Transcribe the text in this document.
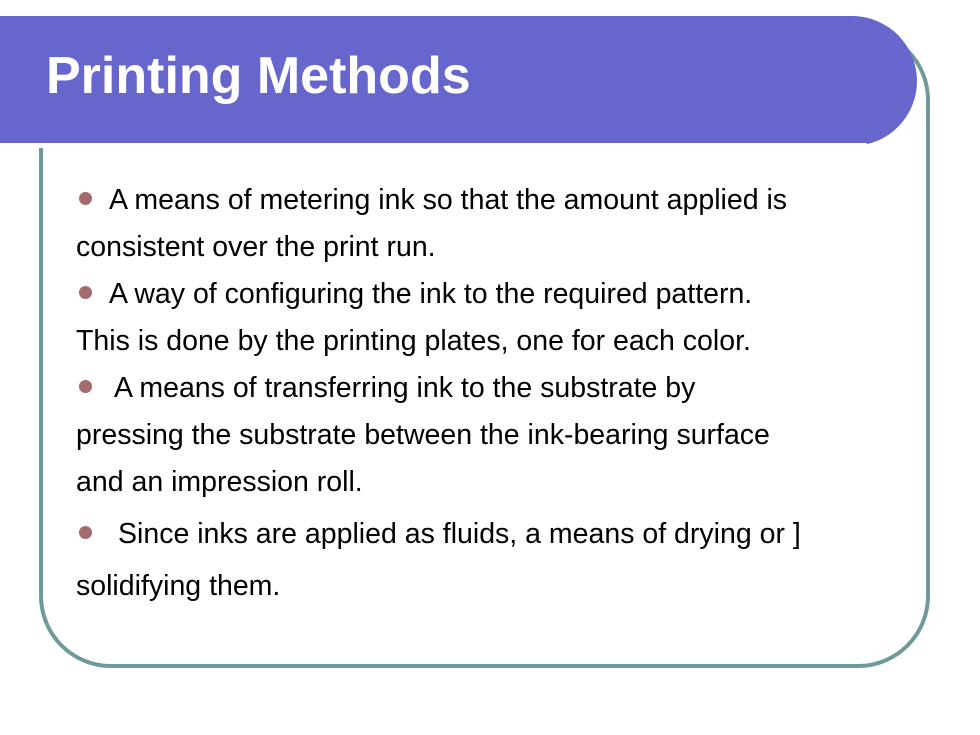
Printing Methods

A means of metering ink so that the amount applied is
consistent over the print run.

A way of configuring the ink to the required pattern.
This is done by the printing plates, one for each color.

A means of transferring ink to the substrate by
pressing the substrate between the ink-bearing surface
and an impression roll.

Since inks are applied as fluids, a means of drying or ]
solidifying them.
